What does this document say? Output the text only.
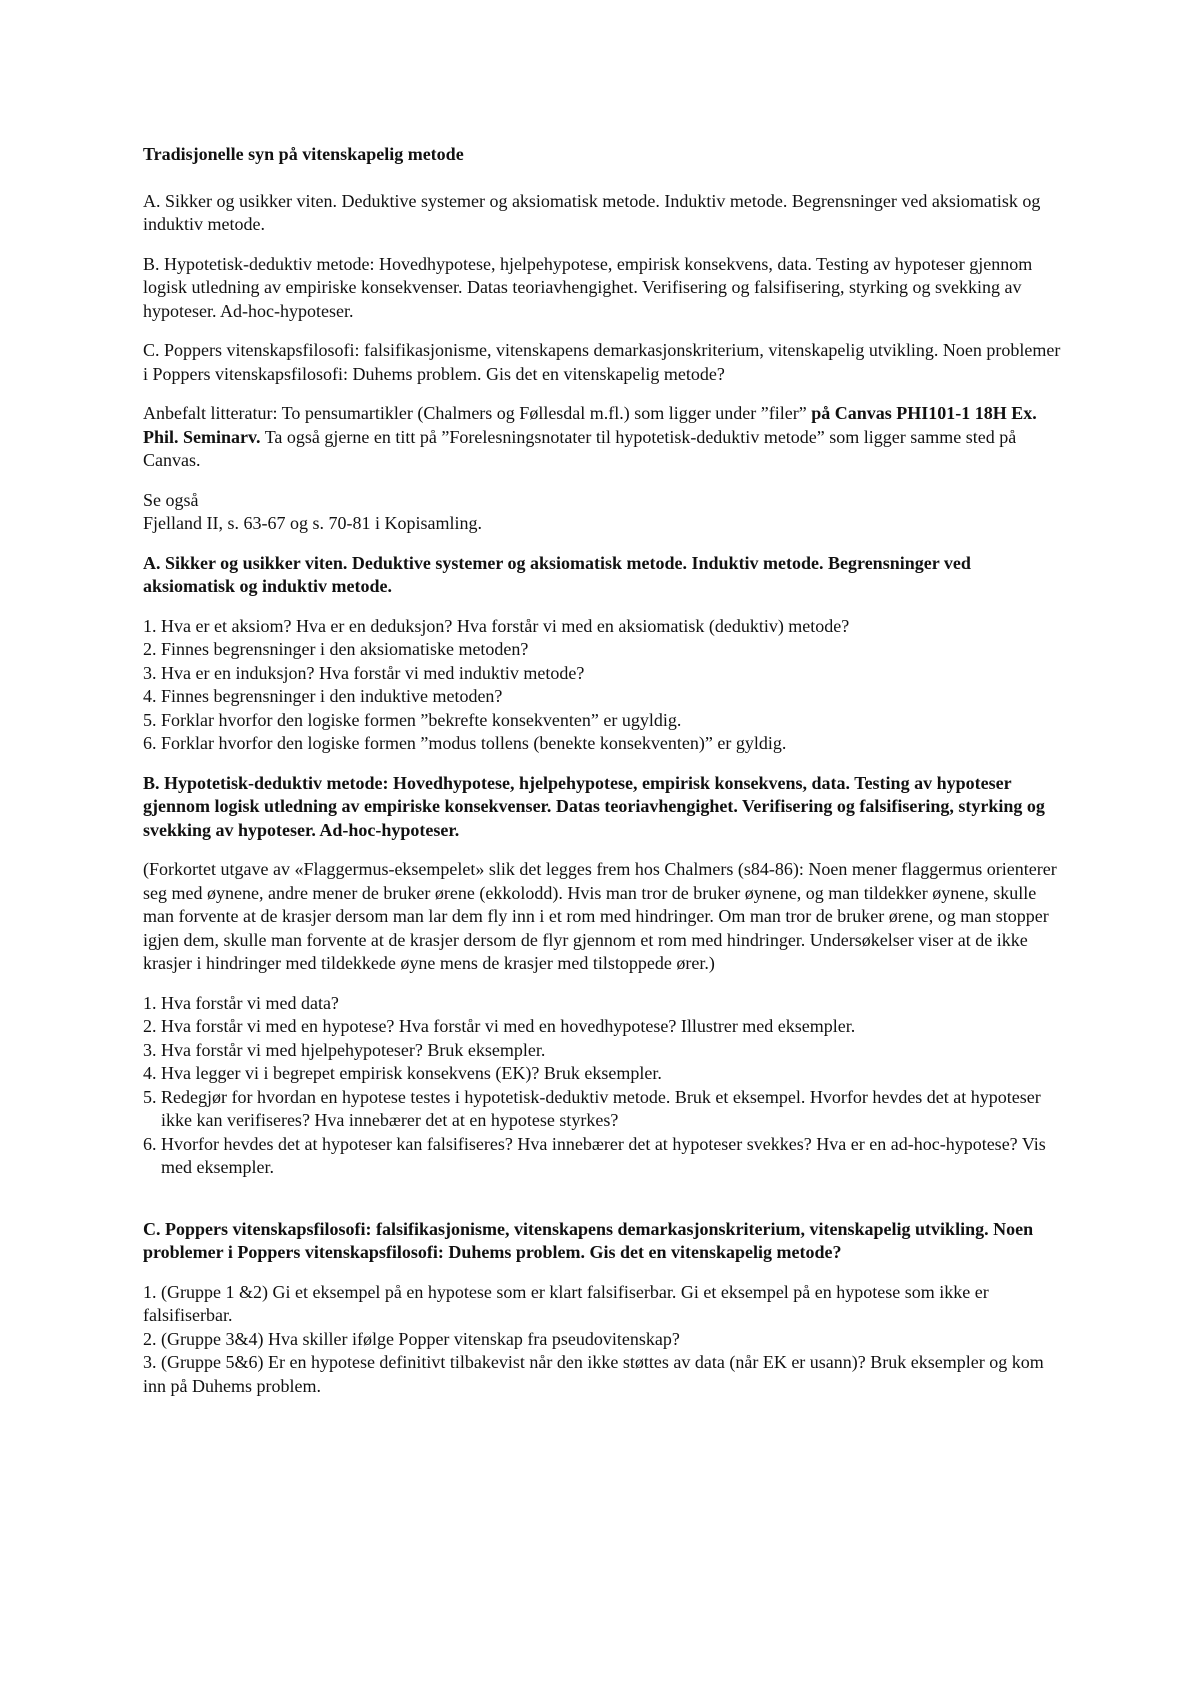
Tradisjonelle syn på vitenskapelig metode

A. Sikker og usikker viten. Deduktive systemer og aksiomatisk metode. Induktiv metode. Begrensninger ved aksiomatisk og induktiv metode.

B. Hypotetisk-deduktiv metode: Hovedhypotese, hjelpehypotese, empirisk konsekvens, data. Testing av hypoteser gjennom logisk utledning av empiriske konsekvenser. Datas teoriavhengighet. Verifisering og falsifisering, styrking og svekking av hypoteser. Ad-hoc-hypoteser.

C. Poppers vitenskapsfilosofi: falsifikasjonisme, vitenskapens demarkasjonskriterium, vitenskapelig utvikling. Noen problemer i Poppers vitenskapsfilosofi: Duhems problem. Gis det en vitenskapelig metode?

Anbefalt litteratur: To pensumartikler (Chalmers og Føllesdal m.fl.) som ligger under ”filer” på Canvas PHI101-1 18H Ex. Phil. Seminarv. Ta også gjerne en titt på ”Forelesningsnotater til hypotetisk-deduktiv metode” som ligger samme sted på Canvas.

Se også
Fjelland II, s. 63-67 og s. 70-81 i Kopisamling.

A. Sikker og usikker viten. Deduktive systemer og aksiomatisk metode. Induktiv metode. Begrensninger ved aksiomatisk og induktiv metode.

1. Hva er et aksiom? Hva er en deduksjon? Hva forstår vi med en aksiomatisk (deduktiv) metode?
2. Finnes begrensninger i den aksiomatiske metoden?
3. Hva er en induksjon? Hva forstår vi med induktiv metode?
4. Finnes begrensninger i den induktive metoden?
5. Forklar hvorfor den logiske formen ”bekrefte konsekventen” er ugyldig.
6. Forklar hvorfor den logiske formen ”modus tollens (benekte konsekventen)” er gyldig.

B. Hypotetisk-deduktiv metode: Hovedhypotese, hjelpehypotese, empirisk konsekvens, data. Testing av hypoteser gjennom logisk utledning av empiriske konsekvenser. Datas teoriavhengighet. Verifisering og falsifisering, styrking og svekking av hypoteser. Ad-hoc-hypoteser.

(Forkortet utgave av «Flaggermus-eksempelet» slik det legges frem hos Chalmers (s84-86): Noen mener flaggermus orienterer seg med øynene, andre mener de bruker ørene (ekkolodd). Hvis man tror de bruker øynene, og man tildekker øynene, skulle man forvente at de krasjer dersom man lar dem fly inn i et rom med hindringer. Om man tror de bruker ørene, og man stopper igjen dem, skulle man forvente at de krasjer dersom de flyr gjennom et rom med hindringer. Undersøkelser viser at de ikke krasjer i hindringer med tildekkede øyne mens de krasjer med tilstoppede ører.)

1. Hva forstår vi med data?
2. Hva forstår vi med en hypotese? Hva forstår vi med en hovedhypotese? Illustrer med eksempler.
3. Hva forstår vi med hjelpehypoteser? Bruk eksempler.
4. Hva legger vi i begrepet empirisk konsekvens (EK)? Bruk eksempler.
5. Redegjør for hvordan en hypotese testes i hypotetisk-deduktiv metode. Bruk et eksempel. Hvorfor hevdes det at hypoteser ikke kan verifiseres? Hva innebærer det at en hypotese styrkes?
6. Hvorfor hevdes det at hypoteser kan falsifiseres? Hva innebærer det at hypoteser svekkes? Hva er en ad-hoc-hypotese? Vis med eksempler.

C. Poppers vitenskapsfilosofi: falsifikasjonisme, vitenskapens demarkasjonskriterium, vitenskapelig utvikling. Noen problemer i Poppers vitenskapsfilosofi: Duhems problem. Gis det en vitenskapelig metode?

1. (Gruppe 1 &2) Gi et eksempel på en hypotese som er klart falsifiserbar. Gi et eksempel på en hypotese som ikke er falsifiserbar.
2. (Gruppe 3&4) Hva skiller ifølge Popper vitenskap fra pseudovitenskap?
3. (Gruppe 5&6) Er en hypotese definitivt tilbakevist når den ikke støttes av data (når EK er usann)? Bruk eksempler og kom inn på Duhems problem.
